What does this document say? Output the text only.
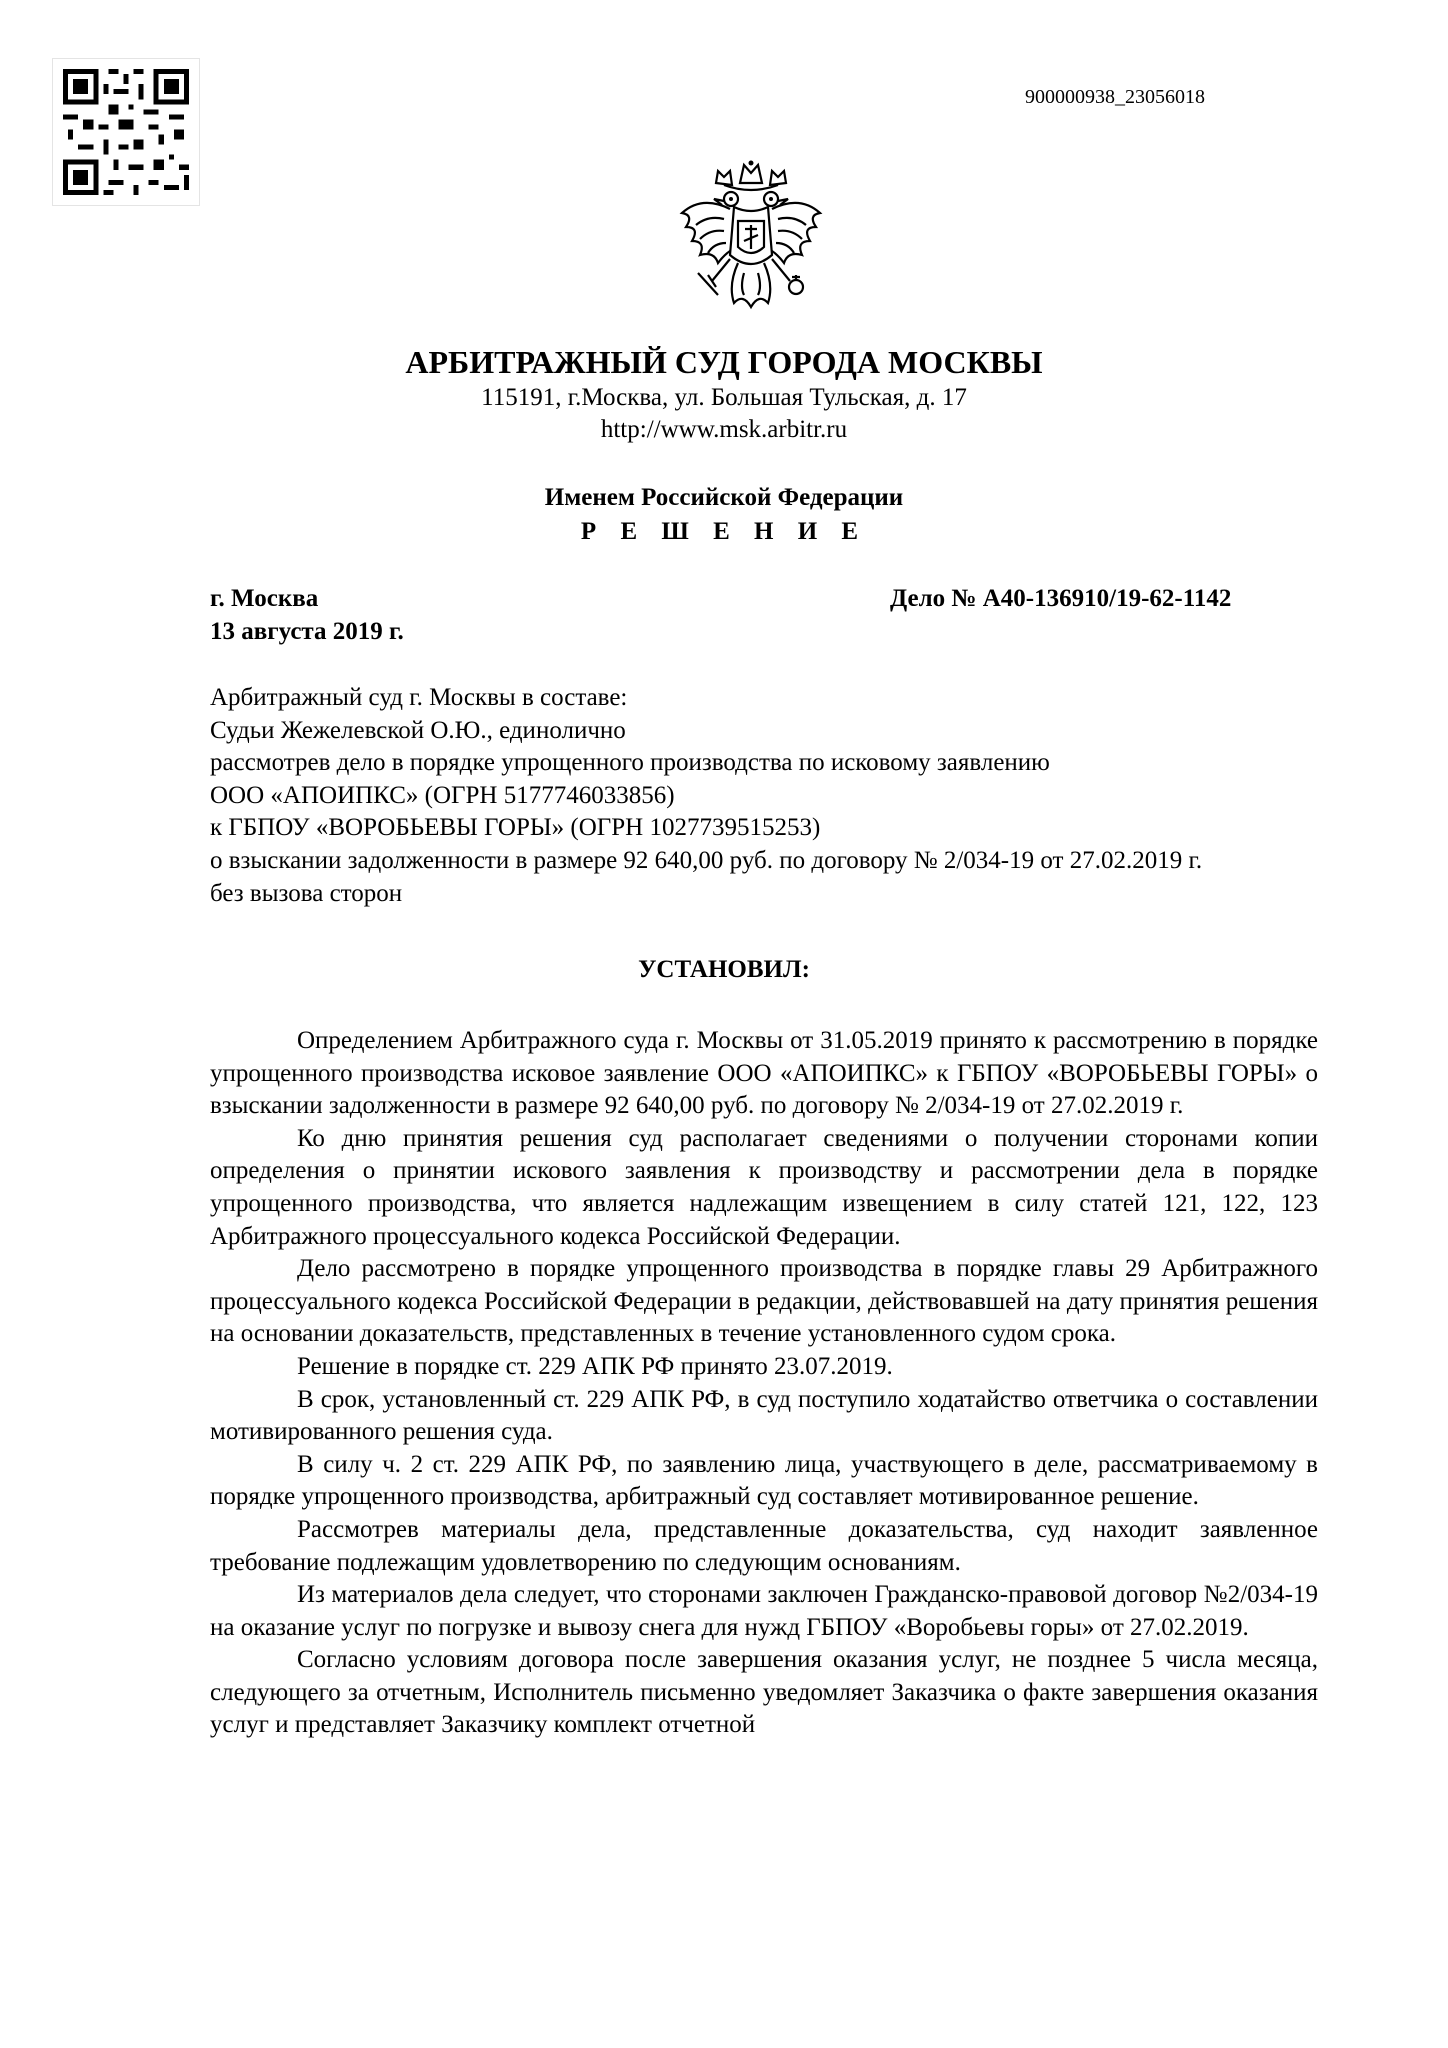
900000938_23056018
АРБИТРАЖНЫЙ СУД ГОРОДА МОСКВЫ
115191, г.Москва, ул. Большая Тульская, д. 17
http://www.msk.arbitr.ru
Именем Российской Федерации
Р Е Ш Е Н И Е
г. Москва
13 августа 2019 г.
Дело № А40-136910/19-62-1142
Арбитражный суд г. Москвы в составе:
Судьи Жежелевской О.Ю., единолично
рассмотрев дело в порядке упрощенного производства по исковому заявлению
ООО «АПОИПКС» (ОГРН 5177746033856)
к ГБПОУ «ВОРОБЬЕВЫ ГОРЫ» (ОГРН 1027739515253)
о взыскании задолженности в размере 92 640,00 руб. по договору № 2/034-19 от 27.02.2019 г.
без вызова сторон
УСТАНОВИЛ:

Определением Арбитражного суда г. Москвы от 31.05.2019 принято к рассмотрению в порядке упрощенного производства исковое заявление ООО «АПОИПКС» к ГБПОУ «ВОРОБЬЕВЫ ГОРЫ» о взыскании задолженности в размере 92 640,00 руб. по договору № 2/034-19 от 27.02.2019 г.

Ко дню принятия решения суд располагает сведениями о получении сторонами копии определения о принятии искового заявления к производству и рассмотрении дела в порядке упрощенного производства, что является надлежащим извещением в силу статей 121, 122, 123 Арбитражного процессуального кодекса Российской Федерации.

Дело рассмотрено в порядке упрощенного производства в порядке главы 29 Арбитражного процессуального кодекса Российской Федерации в редакции, действовавшей на дату принятия решения на основании доказательств, представленных в течение установленного судом срока.

Решение в порядке ст. 229 АПК РФ принято 23.07.2019.

В срок, установленный ст. 229 АПК РФ, в суд поступило ходатайство ответчика о составлении мотивированного решения суда.

В силу ч. 2 ст. 229 АПК РФ, по заявлению лица, участвующего в деле, рассматриваемому в порядке упрощенного производства, арбитражный суд составляет мотивированное решение.

Рассмотрев материалы дела, представленные доказательства, суд находит заявленное требование подлежащим удовлетворению по следующим основаниям.

Из материалов дела следует, что сторонами заключен Гражданско-правовой договор №2/034-19 на оказание услуг по погрузке и вывозу снега для нужд ГБПОУ «Воробьевы горы» от 27.02.2019.

Согласно условиям договора после завершения оказания услуг, не позднее 5 числа месяца, следующего за отчетным, Исполнитель письменно уведомляет Заказчика о факте завершения оказания услуг и представляет Заказчику комплект отчетной
